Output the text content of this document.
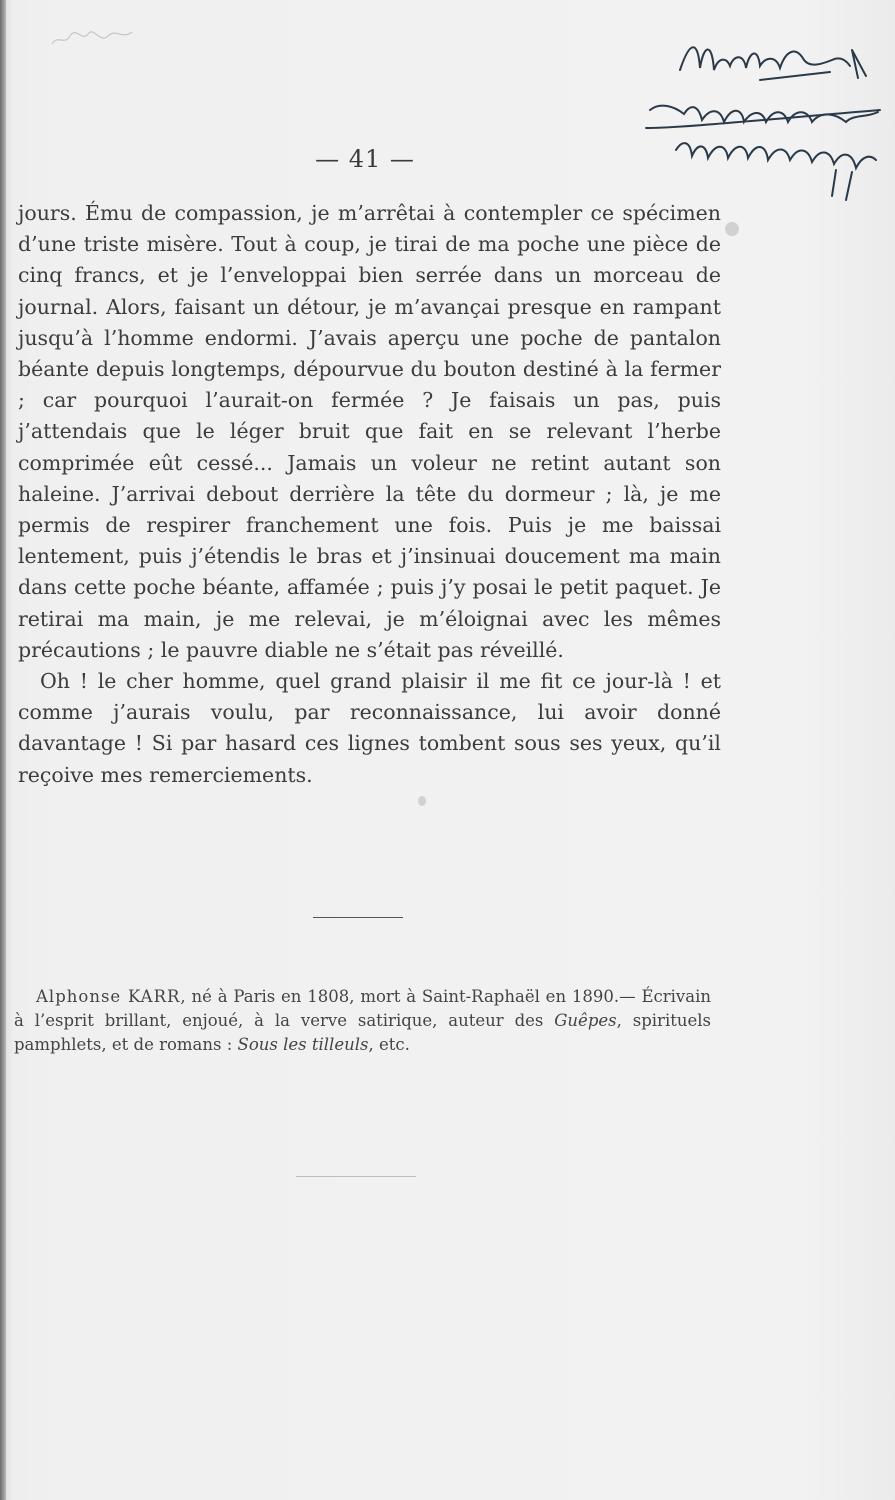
— 41 —

jours. Ému de compassion, je m’arrêtai à contempler ce spécimen d’une triste misère. Tout à coup, je tirai de ma poche une pièce de cinq francs, et je l’enveloppai bien serrée dans un morceau de journal. Alors, faisant un détour, je m’avançai presque en rampant jusqu’à l’homme endormi. J’avais aperçu une poche de pantalon béante depuis longtemps, dépourvue du bouton destiné à la fermer ; car pourquoi l’aurait-on fermée ? Je faisais un pas, puis j’attendais que le léger bruit que fait en se relevant l’herbe comprimée eût cessé... Jamais un voleur ne retint autant son haleine. J’arrivai debout derrière la tête du dormeur ; là, je me permis de respirer franchement une fois. Puis je me baissai lentement, puis j’étendis le bras et j’insinuai doucement ma main dans cette poche béante, affamée ; puis j’y posai le petit paquet. Je retirai ma main, je me relevai, je m’éloignai avec les mêmes précautions ; le pauvre diable ne s’était pas réveillé.

Oh ! le cher homme, quel grand plaisir il me fit ce jour-là ! et comme j’aurais voulu, par reconnaissance, lui avoir donné davantage ! Si par hasard ces lignes tombent sous ses yeux, qu’il reçoive mes remerciements.

Alphonse KARR, né à Paris en 1808, mort à Saint-Raphaël en 1890.— Écrivain à l’esprit brillant, enjoué, à la verve satirique, auteur des Guêpes, spirituels pamphlets, et de romans : Sous les tilleuls, etc.
